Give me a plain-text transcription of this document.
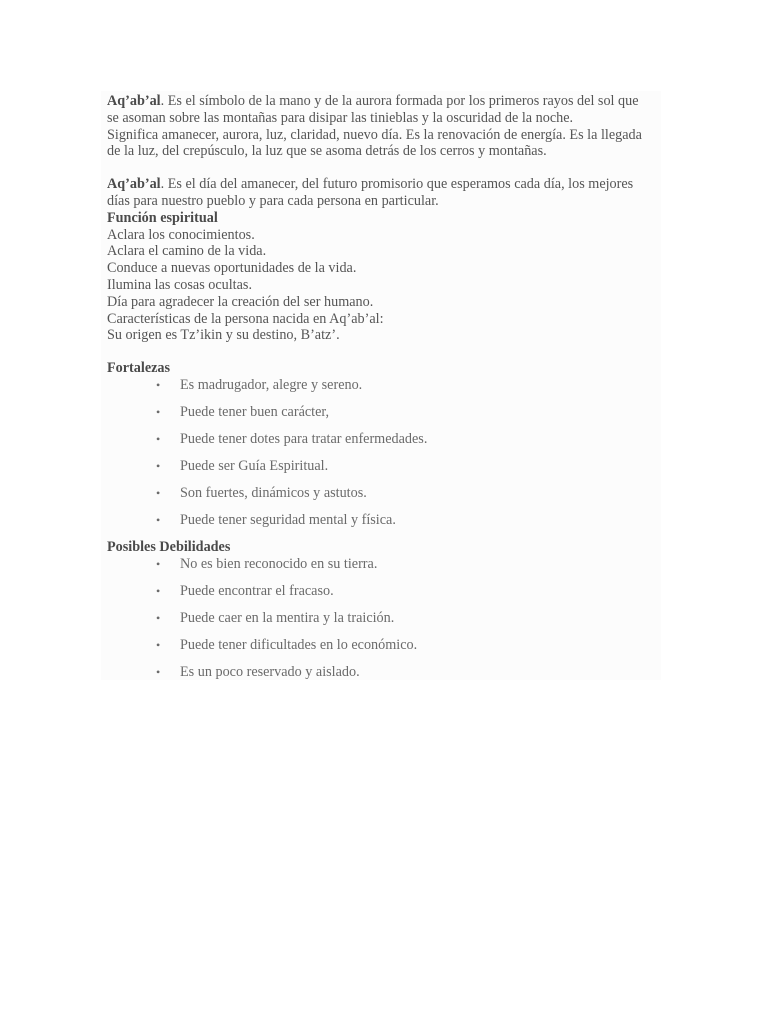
Aq’ab’al. Es el símbolo de la mano y de la aurora formada por los primeros rayos del sol que

se asoman sobre las montañas para disipar las tinieblas y la oscuridad de la noche.

Significa amanecer, aurora, luz, claridad, nuevo día. Es la renovación de energía. Es la llegada

de la luz, del crepúsculo, la luz que se asoma detrás de los cerros y montañas.

Aq’ab’al. Es el día del amanecer, del futuro promisorio que esperamos cada día, los mejores

días para nuestro pueblo y para cada persona en particular.

Función espiritual

Aclara los conocimientos.

Aclara el camino de la vida.

Conduce a nuevas oportunidades de la vida.

Ilumina las cosas ocultas.

Día para agradecer la creación del ser humano.

Características de la persona nacida en Aq’ab’al:

Su origen es Tz’ikin y su destino, B’atz’.

Fortalezas

• Es madrugador, alegre y sereno.
• Puede tener buen carácter,
• Puede tener dotes para tratar enfermedades.
• Puede ser Guía Espiritual.
• Son fuertes, dinámicos y astutos.
• Puede tener seguridad mental y física.

Posibles Debilidades

• No es bien reconocido en su tierra.
• Puede encontrar el fracaso.
• Puede caer en la mentira y la traición.
• Puede tener dificultades en lo económico.
• Es un poco reservado y aislado.
